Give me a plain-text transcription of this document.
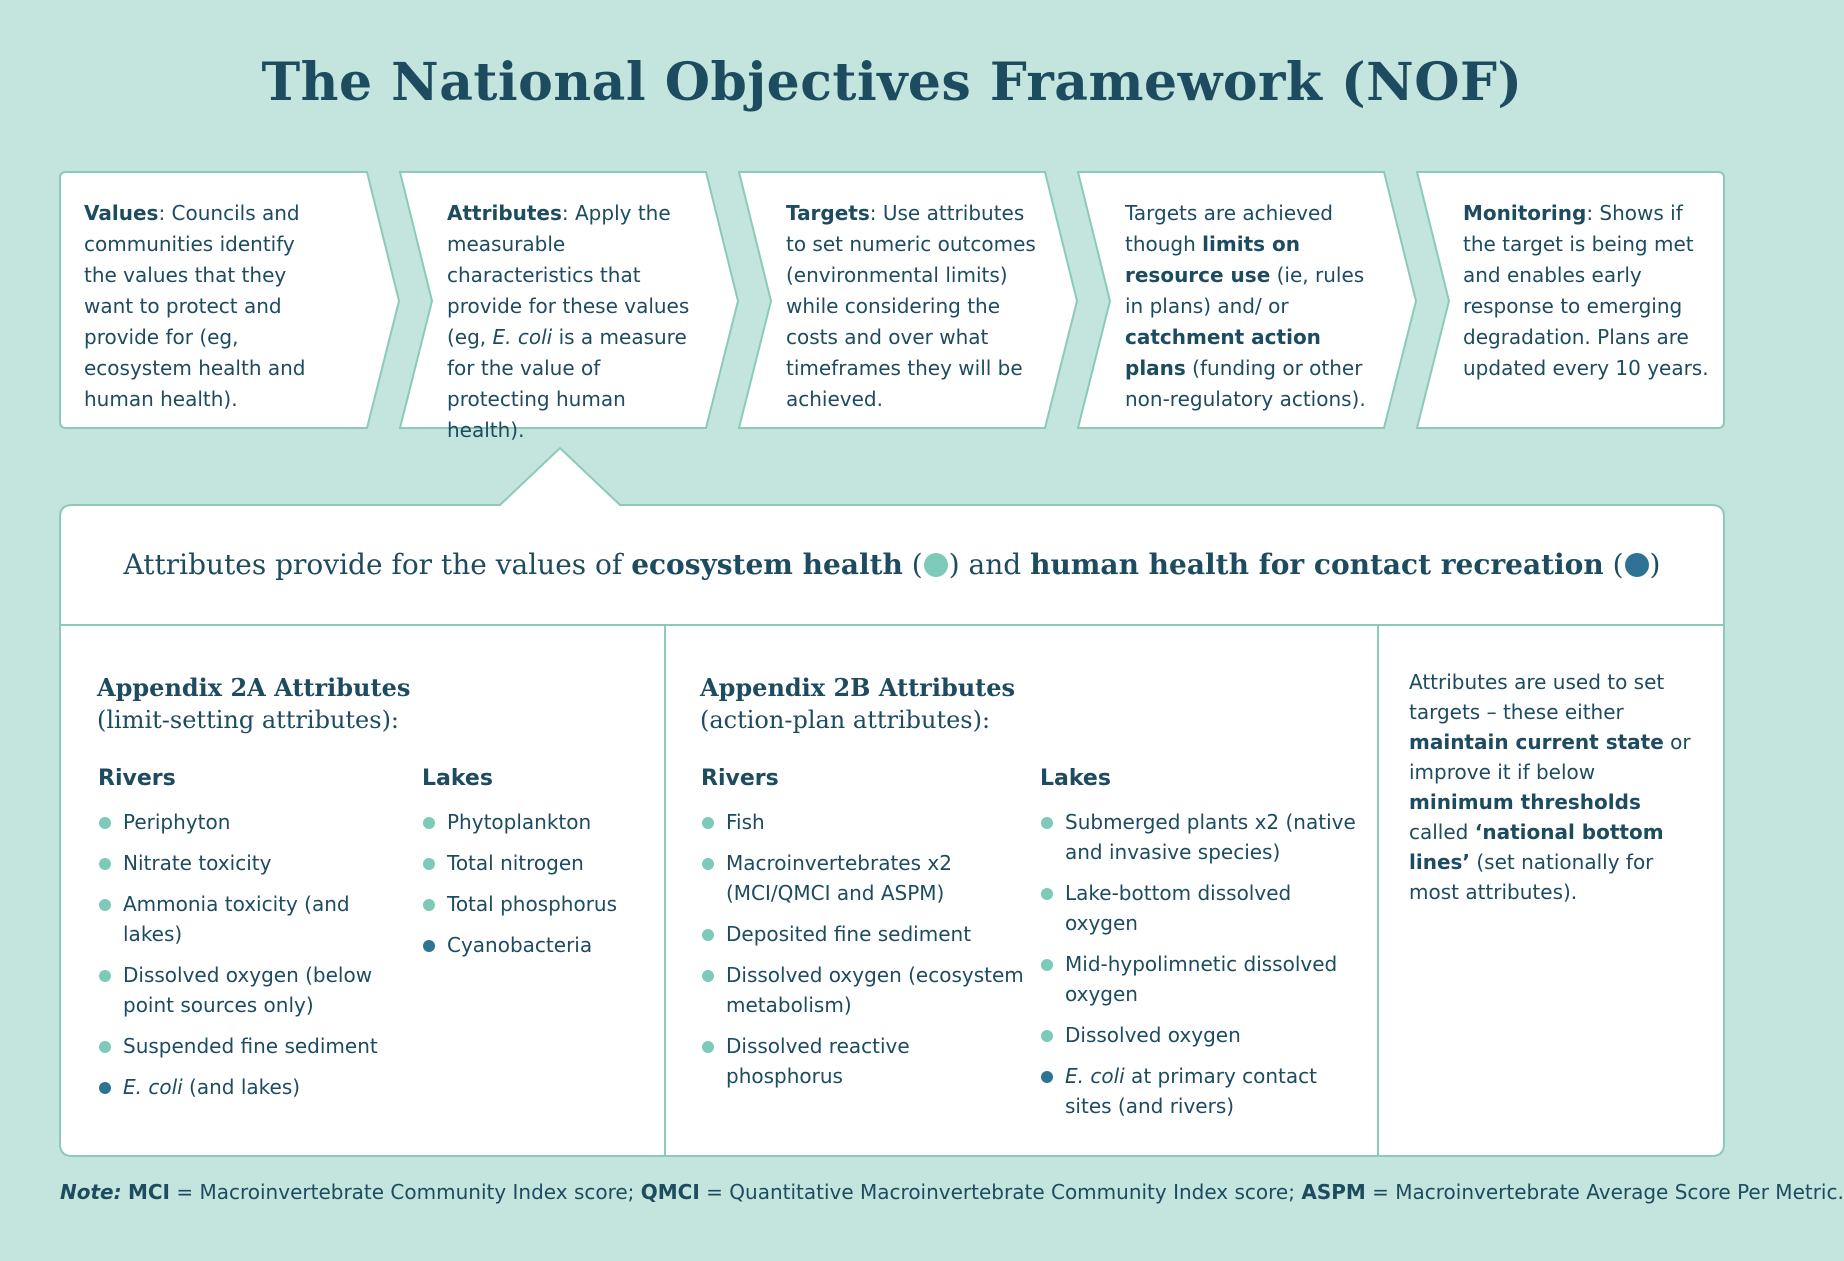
The National Objectives Framework (NOF)
Values: Councils and communities identify the values that they want to protect and provide for (eg, ecosystem health and human health).
Attributes: Apply the measurable characteristics that provide for these values (eg, E. coli is a measure for the value of protecting human health).
Targets: Use attributes to set numeric outcomes (environmental limits) while considering the costs and over what timeframes they will be achieved.
Targets are achieved though limits on resource use (ie, rules in plans) and/ or catchment action plans (funding or other non-regulatory actions).
Monitoring: Shows if the target is being met and enables early response to emerging degradation. Plans are updated every 10 years.
Attributes provide for the values of ecosystem health ( ) and human health for contact recreation ( )
Appendix 2A Attributes
(limit-setting attributes):
Rivers	Lakes
Periphyton
Nitrate toxicity
Ammonia toxicity (and lakes)
Dissolved oxygen (below point sources only)
Suspended fine sediment
E. coli (and lakes)
Phytoplankton
Total nitrogen
Total phosphorus
Cyanobacteria
Appendix 2B Attributes
(action-plan attributes):
Rivers	Lakes
Fish
Macroinvertebrates x2 (MCI/QMCI and ASPM)
Deposited fine sediment
Dissolved oxygen (ecosystem metabolism)
Dissolved reactive phosphorus
Submerged plants x2 (native and invasive species)
Lake-bottom dissolved oxygen
Mid-hypolimnetic dissolved oxygen
Dissolved oxygen
E. coli at primary contact sites (and rivers)
Attributes are used to set targets – these either maintain current state or improve it if below minimum thresholds called ‘national bottom lines’ (set nationally for most attributes).
Note: MCI = Macroinvertebrate Community Index score; QMCI = Quantitative Macroinvertebrate Community Index score; ASPM = Macroinvertebrate Average Score Per Metric.
